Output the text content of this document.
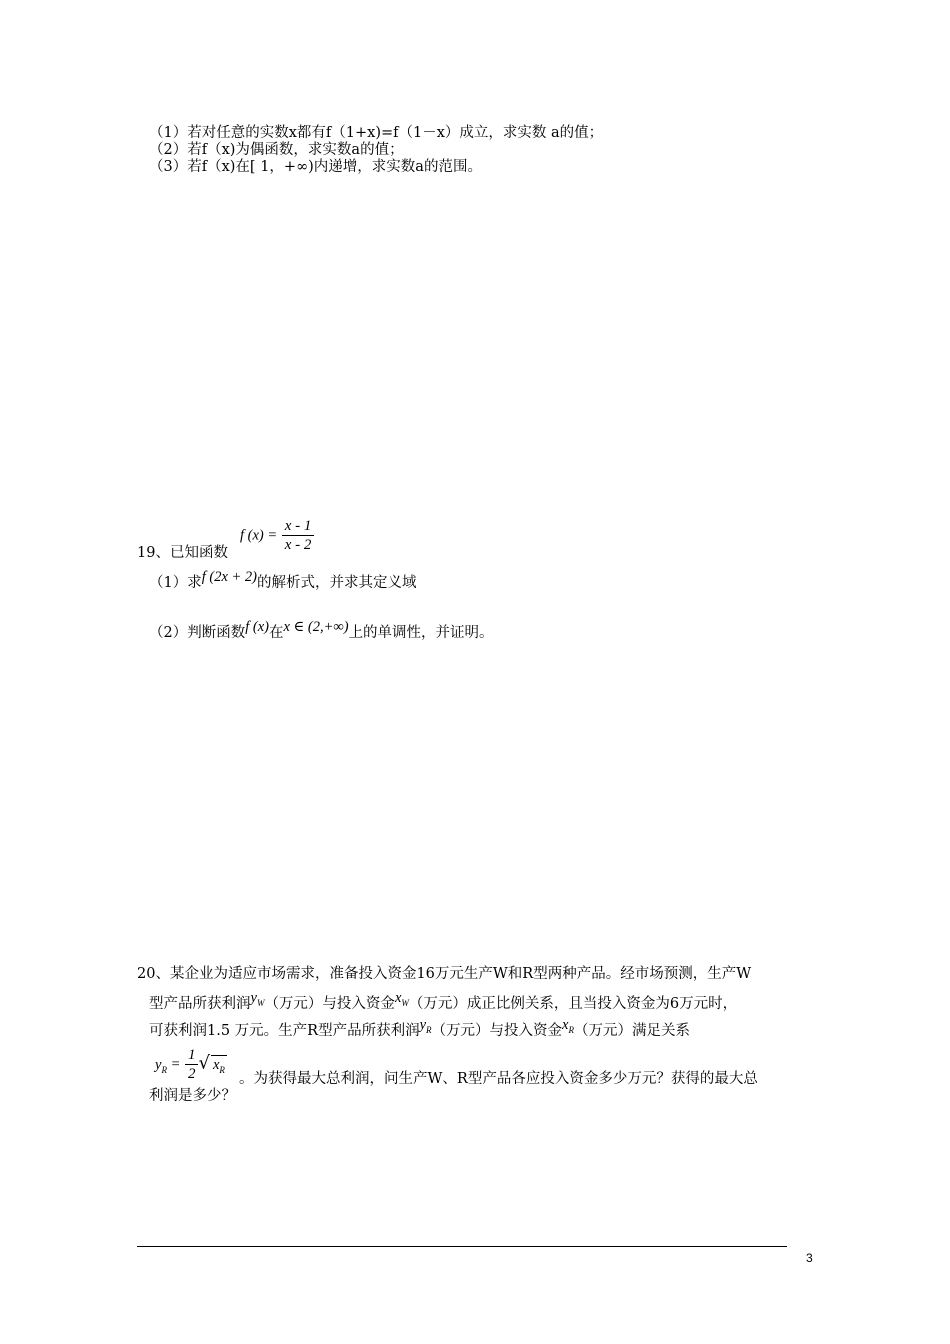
（1）若对任意的实数x都有f（1+x)=f（1－x）成立，求实数 a的值；
（2）若f（x)为偶函数，求实数a的值；
（3）若f（x)在[ 1，+∞)内递增，求实数a的范围。
f $(x) = \frac{x - 1}{x - 2}$
19、已知函数
（1）求f (2x + 2)的解析式，并求其定义域
（2）判断函数f (x)在x ∈ (2,+∞)上的单调性，并证明。
20、某企业为适应市场需求，准备投入资金16万元生产W和R型两种产品。经市场预测，生产W
型产品所获利润$y_W$（万元）与投入资金$x_W$（万元）成正比例关系，且当投入资金为6万元时，
可获利润1.5 万元。生产R型产品所获利润$y_R$（万元）与投入资金$x_R$（万元）满足关系
$y_R = \frac{1}{2}$ √ $x_R$
。为获得最大总利润，问生产W、R型产品各应投入资金多少万元？获得的最大总
利润是多少？
3
